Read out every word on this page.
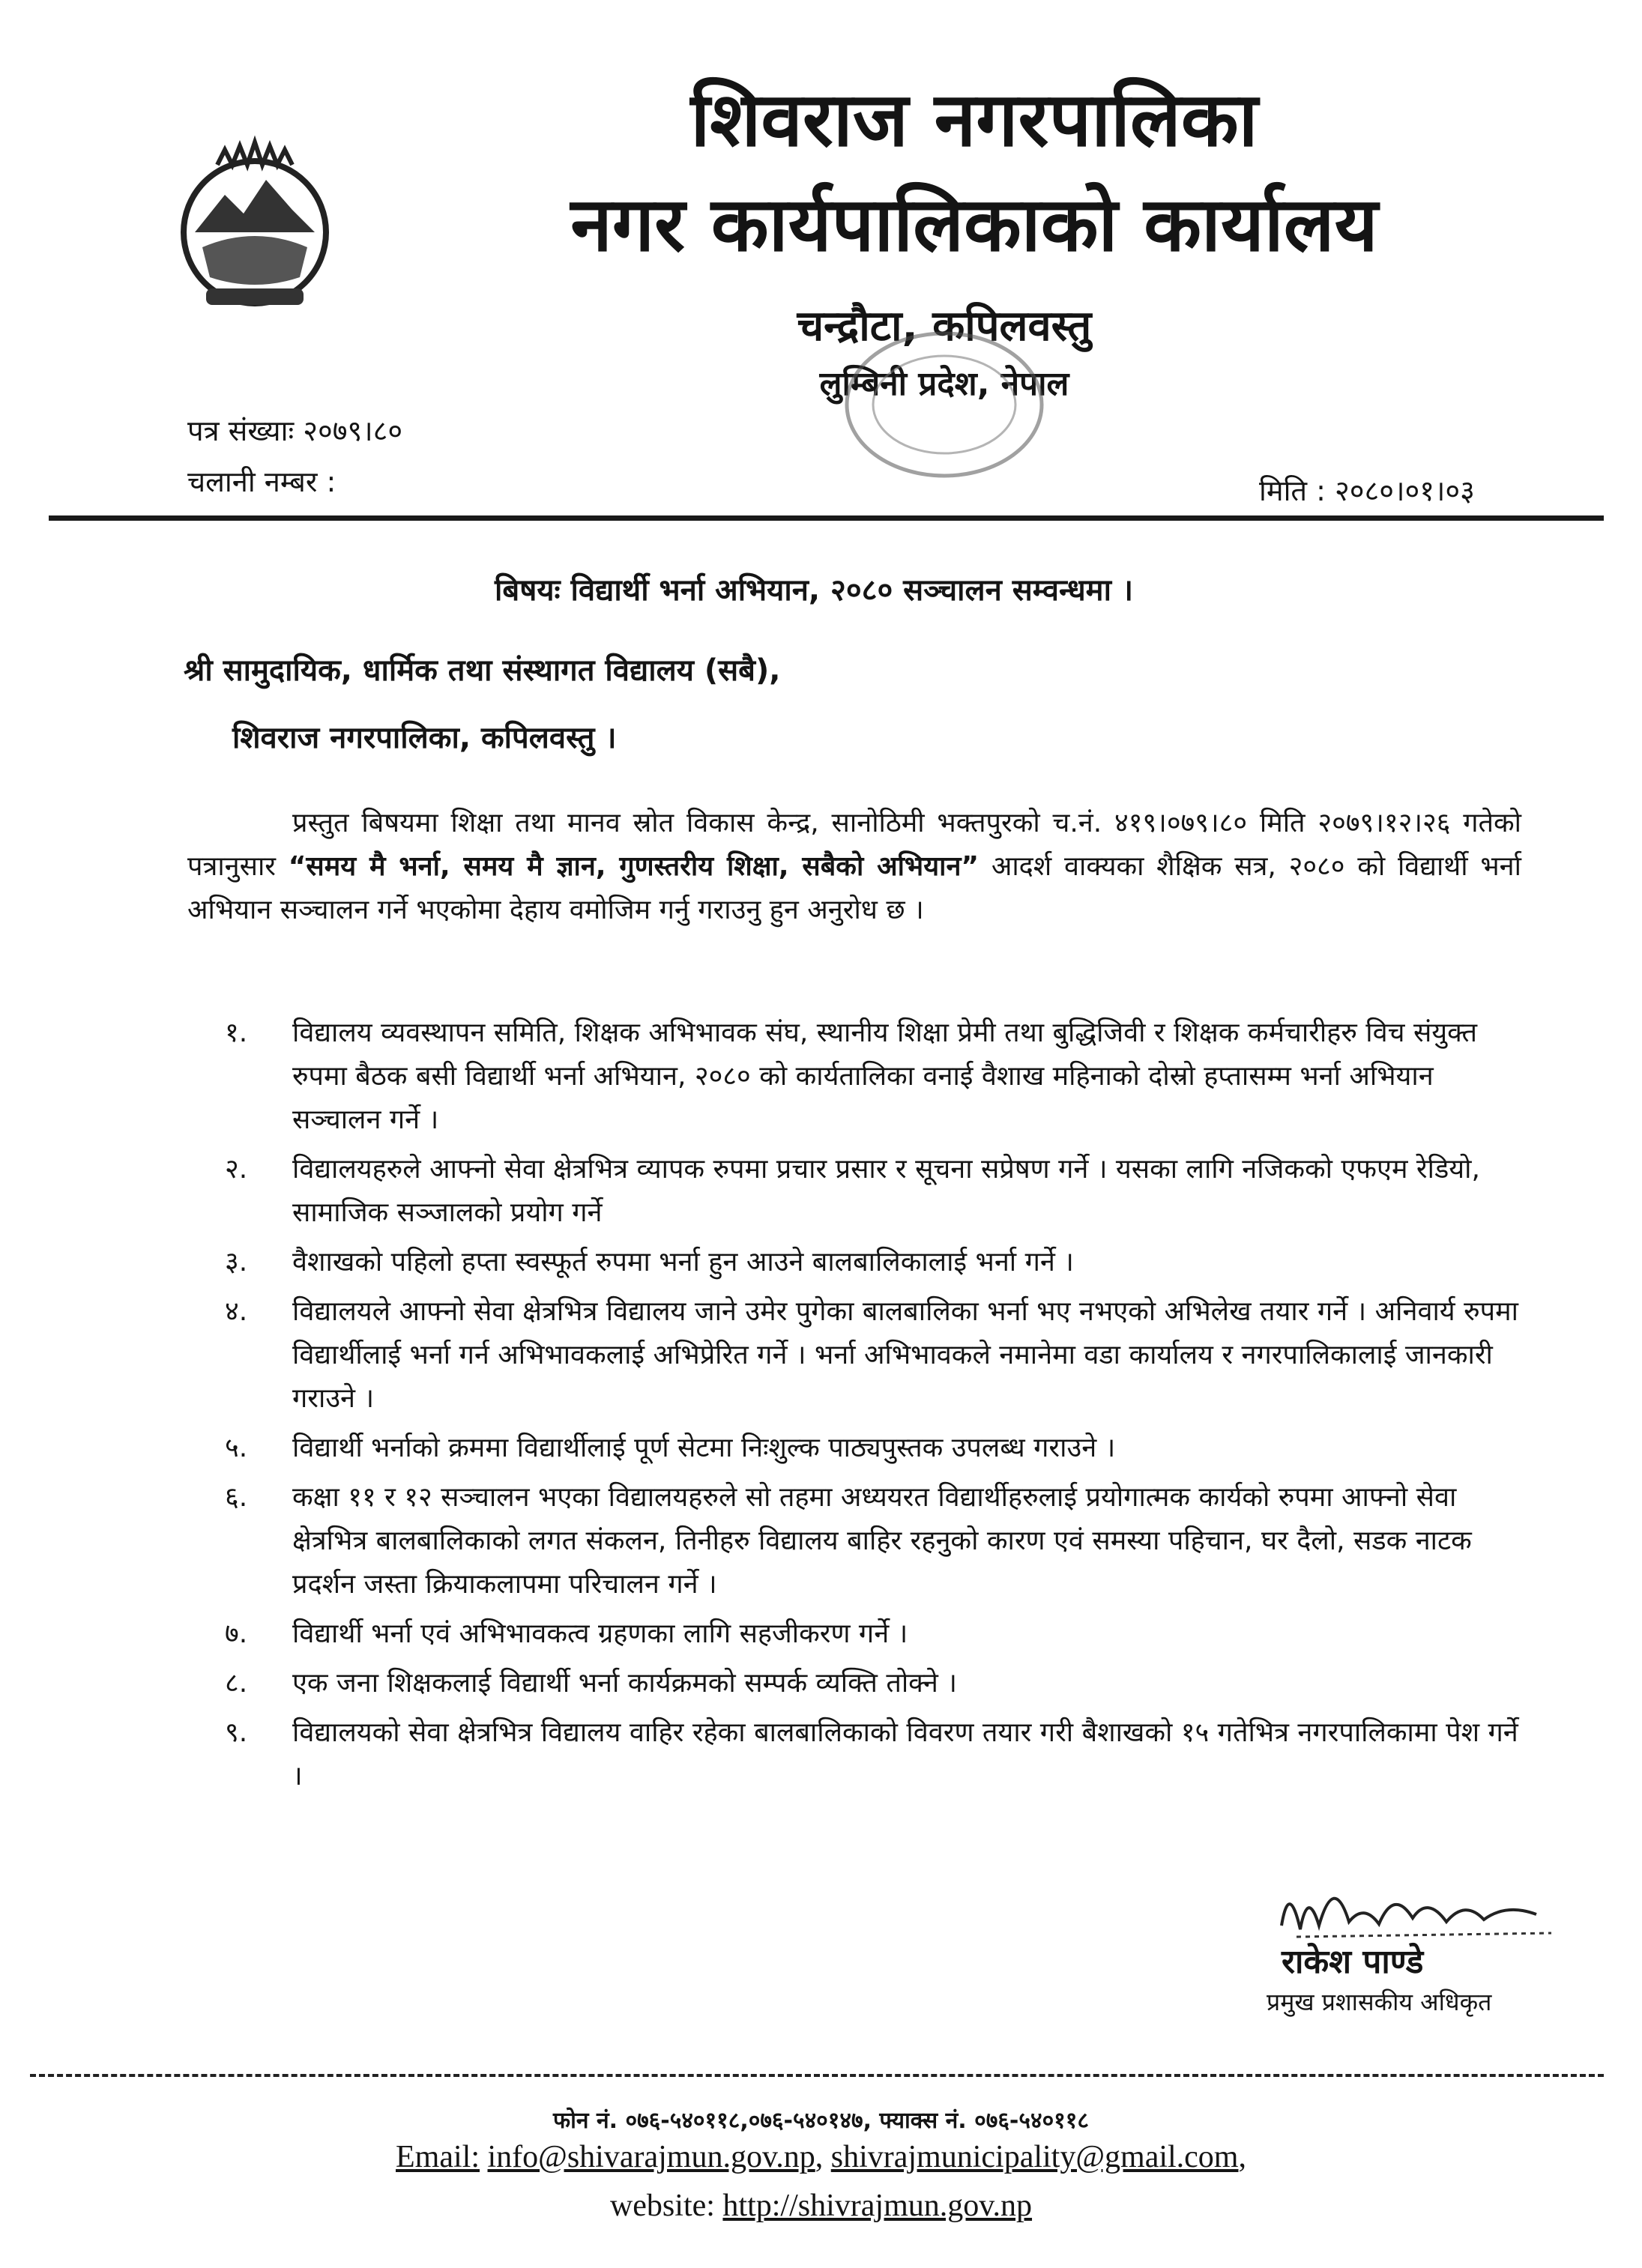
शिवराज नगरपालिका
नगर कार्यपालिकाको कार्यालय
चन्द्रौटा, कपिलवस्तु
लुम्बिनी प्रदेश, नेपाल
पत्र संख्याः २०७९।८०
चलानी नम्बर :	मिति : २०८०।०१।०३
बिषयः विद्यार्थी भर्ना अभियान, २०८० सञ्चालन सम्वन्धमा ।
श्री सामुदायिक, धार्मिक तथा संस्थागत विद्यालय (सबै),
शिवराज नगरपालिका, कपिलवस्तु ।

प्रस्तुत बिषयमा शिक्षा तथा मानव स्रोत विकास केन्द्र, सानोठिमी भक्तपुरको च.नं. ४१९।०७९।८० मिति २०७९।१२।२६ गतेको पत्रानुसार “समय मै भर्ना, समय मै ज्ञान, गुणस्तरीय शिक्षा, सबैको अभियान” आदर्श वाक्यका शैक्षिक सत्र, २०८० को विद्यार्थी भर्ना अभियान सञ्चालन गर्ने भएकोमा देहाय वमोजिम गर्नु गराउनु हुन अनुरोध छ ।

१.	विद्यालय व्यवस्थापन समिति, शिक्षक अभिभावक संघ, स्थानीय शिक्षा प्रेमी तथा बुद्धिजिवी र शिक्षक कर्मचारीहरु विच संयुक्त रुपमा बैठक बसी विद्यार्थी भर्ना अभियान, २०८० को कार्यतालिका वनाई वैशाख महिनाको दोस्रो हप्तासम्म भर्ना अभियान सञ्चालन गर्ने ।
२.	विद्यालयहरुले आफ्नो सेवा क्षेत्रभित्र व्यापक रुपमा प्रचार प्रसार र सूचना सप्रेषण गर्ने । यसका लागि नजिकको एफएम रेडियो, सामाजिक सञ्जालको प्रयोग गर्ने
३.	वैशाखको पहिलो हप्ता स्वस्फूर्त रुपमा भर्ना हुन आउने बालबालिकालाई भर्ना गर्ने ।
४.	विद्यालयले आफ्नो सेवा क्षेत्रभित्र विद्यालय जाने उमेर पुगेका बालबालिका भर्ना भए नभएको अभिलेख तयार गर्ने । अनिवार्य रुपमा विद्यार्थीलाई भर्ना गर्न अभिभावकलाई अभिप्रेरित गर्ने । भर्ना अभिभावकले नमानेमा वडा कार्यालय र नगरपालिकालाई जानकारी गराउने ।
५.	विद्यार्थी भर्नाको क्रममा विद्यार्थीलाई पूर्ण सेटमा निःशुल्क पाठ्यपुस्तक उपलब्ध गराउने ।
६.	कक्षा ११ र १२ सञ्चालन भएका विद्यालयहरुले सो तहमा अध्ययरत विद्यार्थीहरुलाई प्रयोगात्मक कार्यको रुपमा आफ्नो सेवा क्षेत्रभित्र बालबालिकाको लगत संकलन, तिनीहरु विद्यालय बाहिर रहनुको कारण एवं समस्या पहिचान, घर दैलो, सडक नाटक प्रदर्शन जस्ता क्रियाकलापमा परिचालन गर्ने ।
७.	विद्यार्थी भर्ना एवं अभिभावकत्व ग्रहणका लागि सहजीकरण गर्ने ।
८.	एक जना शिक्षकलाई विद्यार्थी भर्ना कार्यक्रमको सम्पर्क व्यक्ति तोक्ने ।
९.	विद्यालयको सेवा क्षेत्रभित्र विद्यालय वाहिर रहेका बालबालिकाको विवरण तयार गरी बैशाखको १५ गतेभित्र नगरपालिकामा पेश गर्ने ।
राकेश पाण्डे
प्रमुख प्रशासकीय अधिकृत
फोन नं. ०७६-५४०११८,०७६-५४०१४७, फ्याक्स नं. ०७६-५४०११८
Email: info@shivarajmun.gov.np, shivrajmunicipality@gmail.com,
website: http://shivrajmun.gov.np
